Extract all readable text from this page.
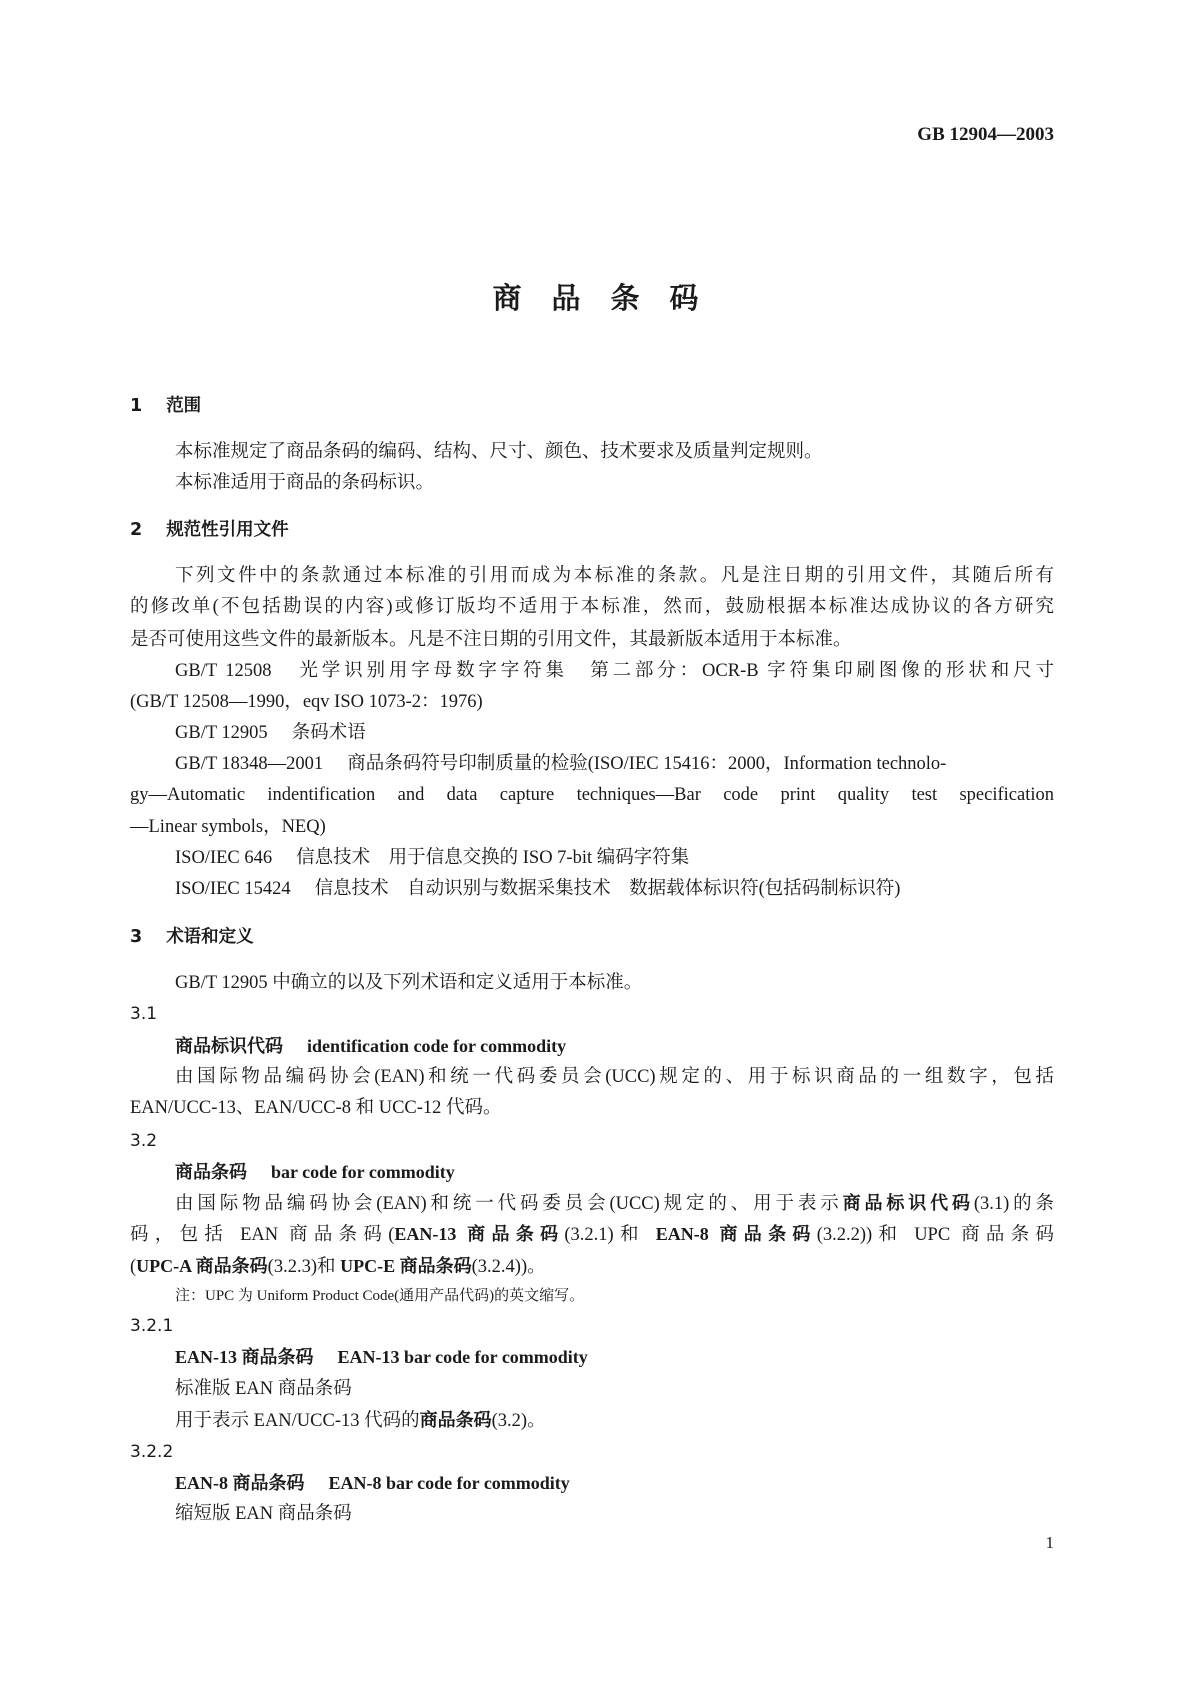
GB 12904—2003
商品条码
1 范围
本标准规定了商品条码的编码、结构、尺寸、颜色、技术要求及质量判定规则。
本标准适用于商品的条码标识。
2 规范性引用文件
下列文件中的条款通过本标准的引用而成为本标准的条款。凡是注日期的引用文件，其随后所有
的修改单(不包括勘误的内容)或修订版均不适用于本标准，然而，鼓励根据本标准达成协议的各方研究
是否可使用这些文件的最新版本。凡是不注日期的引用文件，其最新版本适用于本标准。
GB/T 12508 光学识别用字母数字字符集　第二部分：OCR-B 字符集印刷图像的形状和尺寸
(GB/T 12508—1990，eqv ISO 1073-2：1976)
GB/T 12905 条码术语
GB/T 18348—2001 商品条码符号印制质量的检验(ISO/IEC 15416：2000，Information technolo-
gy—Automatic indentification and data capture techniques—Bar code print quality test specification
—Linear symbols，NEQ)
ISO/IEC 646 信息技术　用于信息交换的 ISO 7-bit 编码字符集
ISO/IEC 15424 信息技术　自动识别与数据采集技术　数据载体标识符(包括码制标识符)
3 术语和定义
GB/T 12905 中确立的以及下列术语和定义适用于本标准。
3.1
商品标识代码 identification code for commodity
由国际物品编码协会(EAN)和统一代码委员会(UCC)规定的、用于标识商品的一组数字，包括
EAN/UCC-13、EAN/UCC-8 和 UCC-12 代码。
3.2
商品条码 bar code for commodity
由国际物品编码协会(EAN)和统一代码委员会(UCC)规定的、用于表示商品标识代码(3.1)的条
码，包括 EAN 商品条码(EAN-13 商品条码(3.2.1)和 EAN-8 商品条码(3.2.2))和 UPC 商品条码
(UPC-A 商品条码(3.2.3)和 UPC-E 商品条码(3.2.4))。
注：UPC 为 Uniform Product Code(通用产品代码)的英文缩写。
3.2.1
EAN-13 商品条码 EAN-13 bar code for commodity
标准版 EAN 商品条码
用于表示 EAN/UCC-13 代码的商品条码(3.2)。
3.2.2
EAN-8 商品条码 EAN-8 bar code for commodity
缩短版 EAN 商品条码
1
